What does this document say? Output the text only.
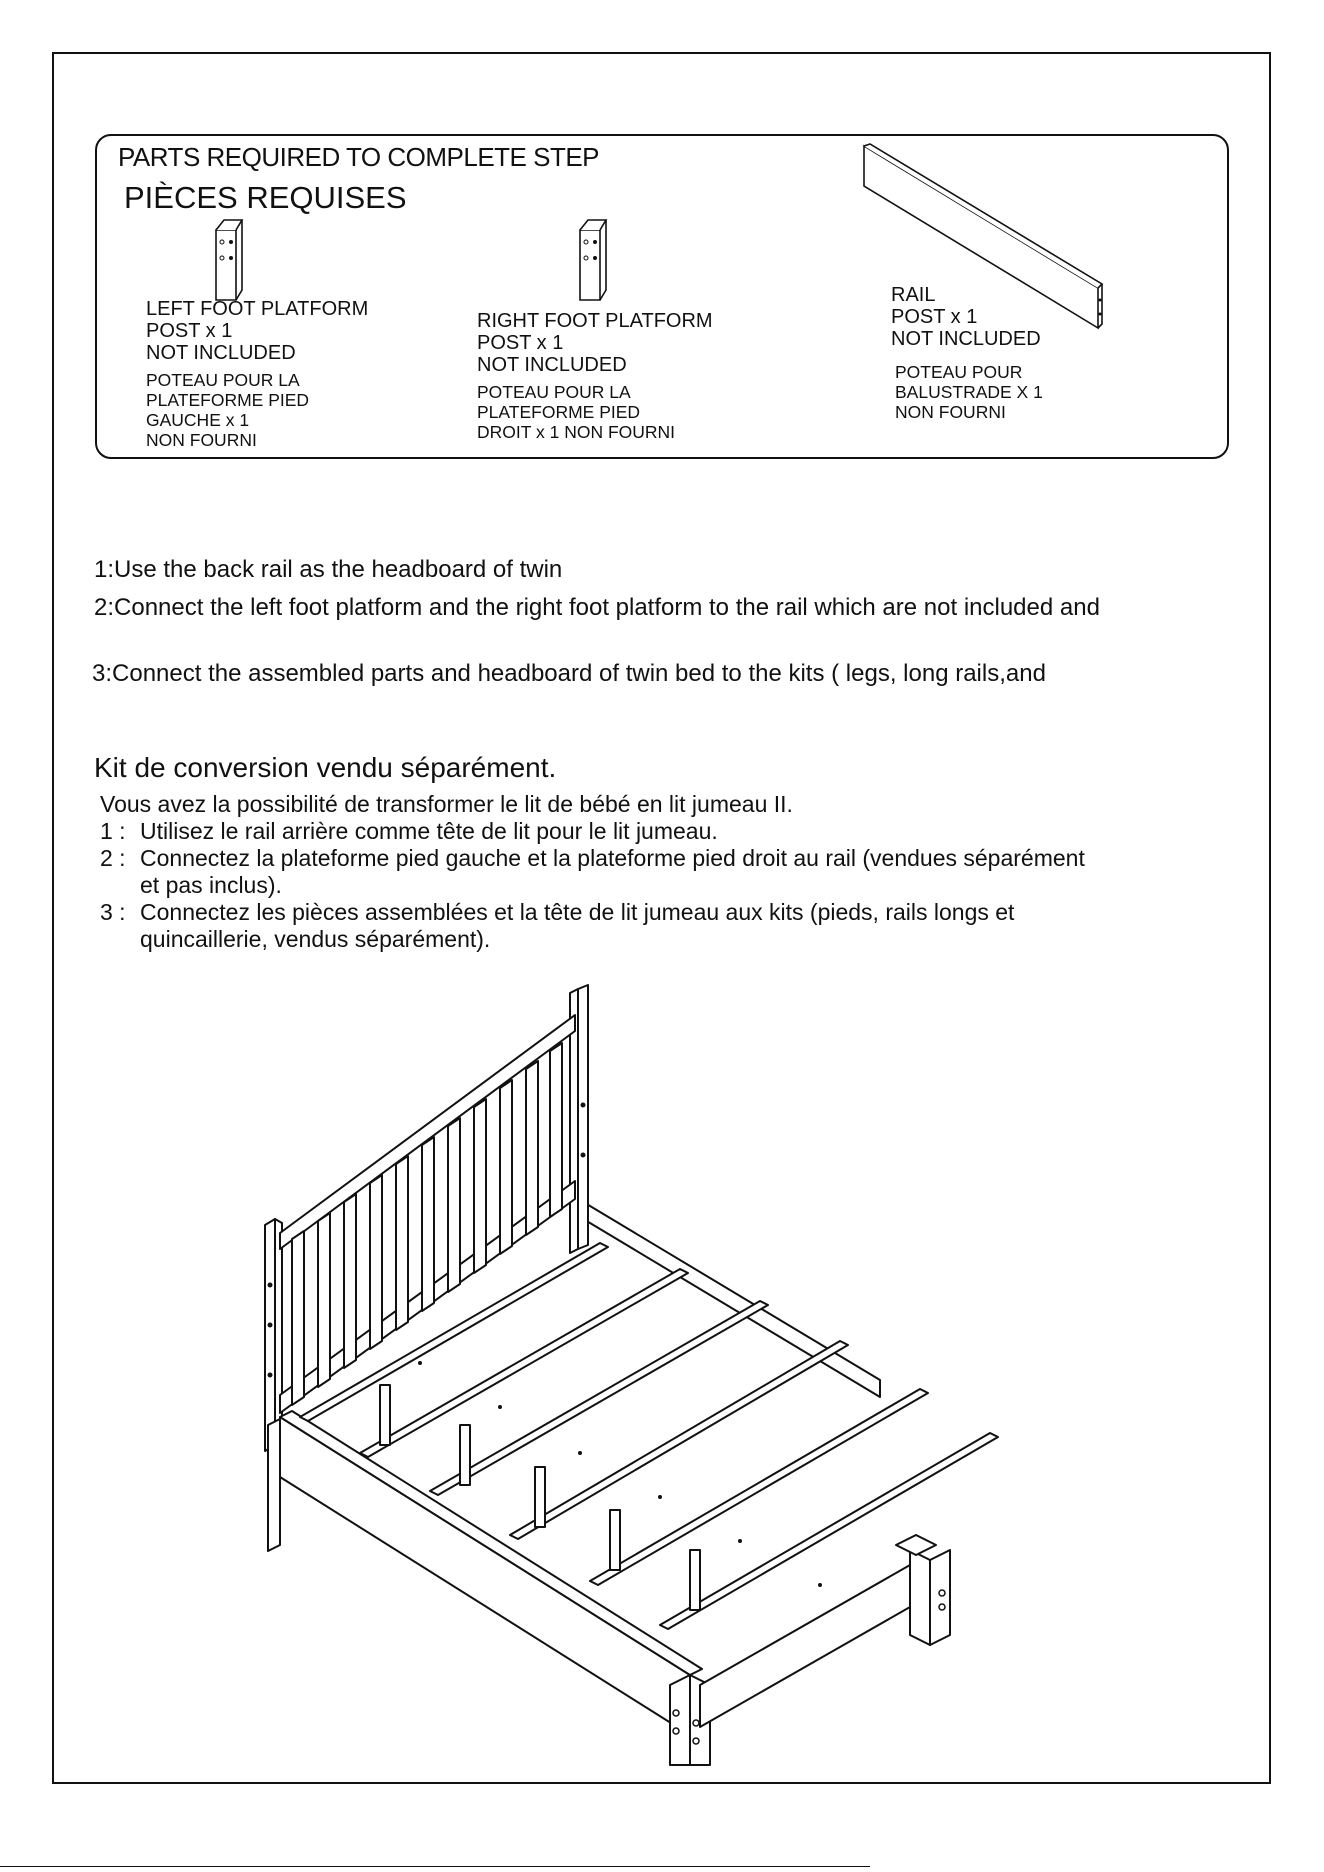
PARTS REQUIRED TO COMPLETE STEP
PIÈCES REQUISES
LEFT FOOT PLATFORM
POST x 1
NOT INCLUDED
POTEAU POUR LA
PLATEFORME PIED
GAUCHE x 1
NON FOURNI
RIGHT FOOT PLATFORM
POST x 1
NOT INCLUDED
POTEAU POUR LA
PLATEFORME PIED
DROIT x 1 NON FOURNI
RAIL
POST x 1
NOT INCLUDED
POTEAU POUR
BALUSTRADE X 1
NON FOURNI
1:Use the back rail as the headboard of twin
2:Connect the left foot platform and the right foot platform to the rail which are not included and
3:Connect the assembled parts and headboard of twin bed to the kits ( legs, long rails,and
Kit de conversion vendu séparément.
Vous avez la possibilité de transformer le lit de bébé en lit jumeau II.
1 : Utilisez le rail arrière comme tête de lit pour le lit jumeau.
2 : Connectez la plateforme pied gauche et la plateforme pied droit au rail (vendues séparément
et pas inclus).
3 : Connectez les pièces assemblées et la tête de lit jumeau aux kits (pieds, rails longs et
quincaillerie, vendus séparément).
